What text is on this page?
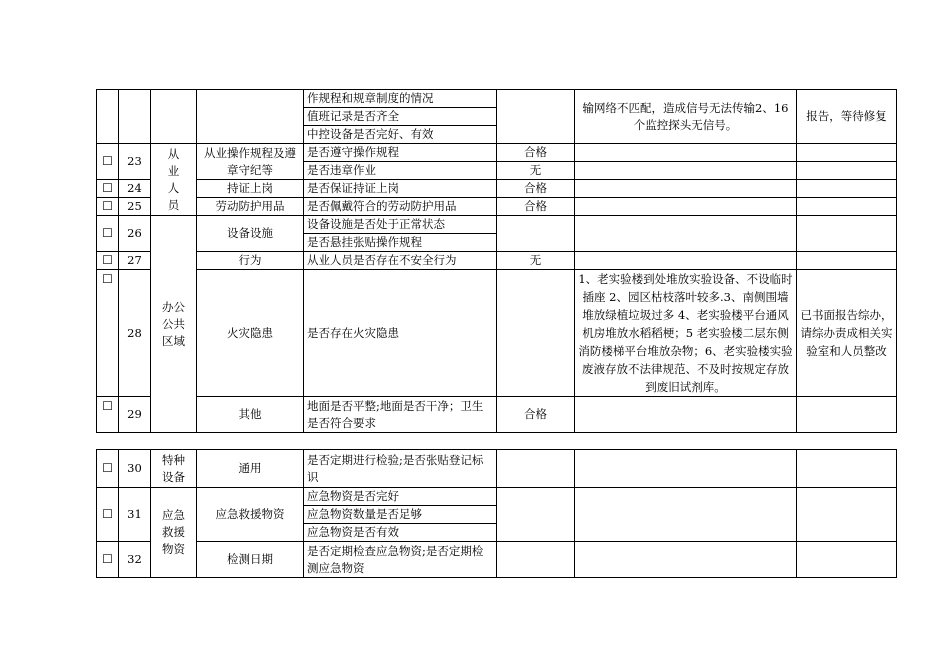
				作规程和规章制度的情况		输网络不匹配，造成信号无法传输2、16个监控探头无信号。	报告，等待修复
				值班记录是否齐全			
				中控设备是否完好、有效			
☐	23	从业人员	从业操作规程及遵章守纪等	是否遵守操作规程	合格		
				是否违章作业	无		
☐	24		持证上岗	是否保证持证上岗	合格		
☐	25		劳动防护用品	是否佩戴符合的劳动防护用品	合格		
☐	26	办公公共区域	设备设施	设备设施是否处于正常状态			
				是否悬挂张贴操作规程			
☐	27		行为	从业人员是否存在不安全行为	无		
☐	28		火灾隐患	是否存在火灾隐患		1、老实验楼到处堆放实验设备、不设临时插座 2、园区枯枝落叶较多.3、南侧围墙堆放绿植垃圾过多 4、老实验楼平台通风机房堆放水稻稻梗；5 老实验楼二层东侧消防楼梯平台堆放杂物；6、老实验楼实验废液存放不法律规范、不及时按规定存放到废旧试剂库。	已书面报告综办，请综办责成相关实验室和人员整改
☐	29		其他	地面是否平整;地面是否干净；卫生是否符合要求	合格		
☐	30	特种设备	通用	是否定期进行检验;是否张贴登记标识			
☐	31	应急救援物资	应急救援物资	应急物资是否完好			
				应急物资数量是否足够			
				应急物资是否有效			
☐	32		检测日期	是否定期检查应急物资;是否定期检测应急物资			
